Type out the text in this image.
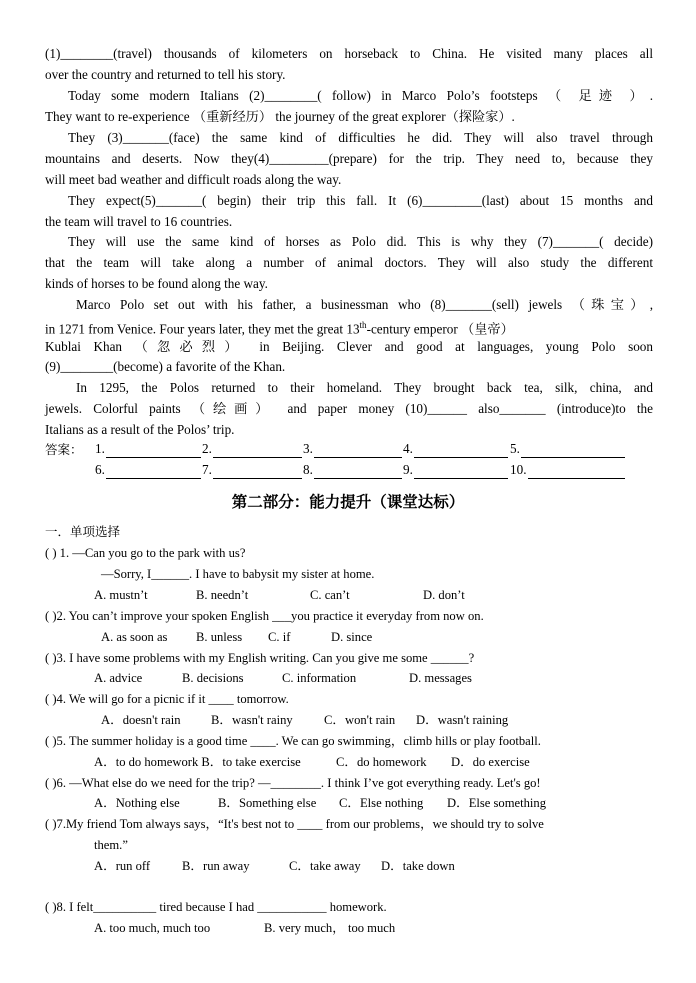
(1)________(travel) thousands of kilometers on horseback to China. He visited many places all
over the country and returned to tell his story.
Today some modern Italians (2)________( follow) in Marco Polo’s footsteps （ 足迹 ）.
They want to re-experience （重新经历） the journey of the great explorer（探险家）.
They (3)_______(face) the same kind of difficulties he did. They will also travel through
mountains and deserts. Now they(4)_________(prepare) for the trip. They need to, because they
will meet bad weather and difficult roads along the way.
They expect(5)_______( begin) their trip this fall. It (6)_________(last) about 15 months and
the team will travel to 16 countries.
They will use the same kind of horses as Polo did. This is why they (7)_______( decide)
that the team will take along a number of animal doctors. They will also study the different
kinds of horses to be found along the way.
Marco Polo set out with his father, a businessman who (8)_______(sell) jewels （珠宝）,
in 1271 from Venice. Four years later, they met the great 13th-century emperor （皇帝）
Kublai Khan （忽必烈） in Beijing. Clever and good at languages, young Polo soon
(9)________(become) a favorite of the Khan.
In 1295, the Polos returned to their homeland. They brought back tea, silk, china, and
jewels. Colorful paints （绘画） and paper money (10)______ also_______ (introduce)to the
Italians as a result of the Polos’ trip.
答案： 1.	2.	3.	4.	5.
6.	7.	8.	9.	10.
第二部分：能力提升（课堂达标）
一．单项选择
( ) 1. —Can you go to the park with us?
—Sorry, I______. I have to babysit my sister at home.
A. mustn’t	B. needn’t	C. can’t	D. don’t
( )2. You can’t improve your spoken English ___you practice it everyday from now on.
A. as soon as B. unless C. if	D. since
( )3. I have some problems with my English writing. Can you give me some ______?
A. advice	B. decisions	C. information	D. messages
( )4. We will go for a picnic if it ____ tomorrow.
A．doesn't rain B．wasn't rainy C．won't rain D．wasn't raining
( )5. The summer holiday is a good time ____. We can go swimming，climb hills or play football.
A．to do homework B．to take exercise	C．do homework D．do exercise
( )6. —What else do we need for the trip? —________. I think I’ve got everything ready. Let's go!
A．Nothing else	B．Something else C．Else nothing D．Else something
( )7.My friend Tom always says，“It's best not to ____ from our problems，we should try to solve
them.”
A．run off	B．run away	C．take away D．take down
( )8. I felt__________ tired because I had ___________ homework.
A. too much, much too	B. very much， too much
